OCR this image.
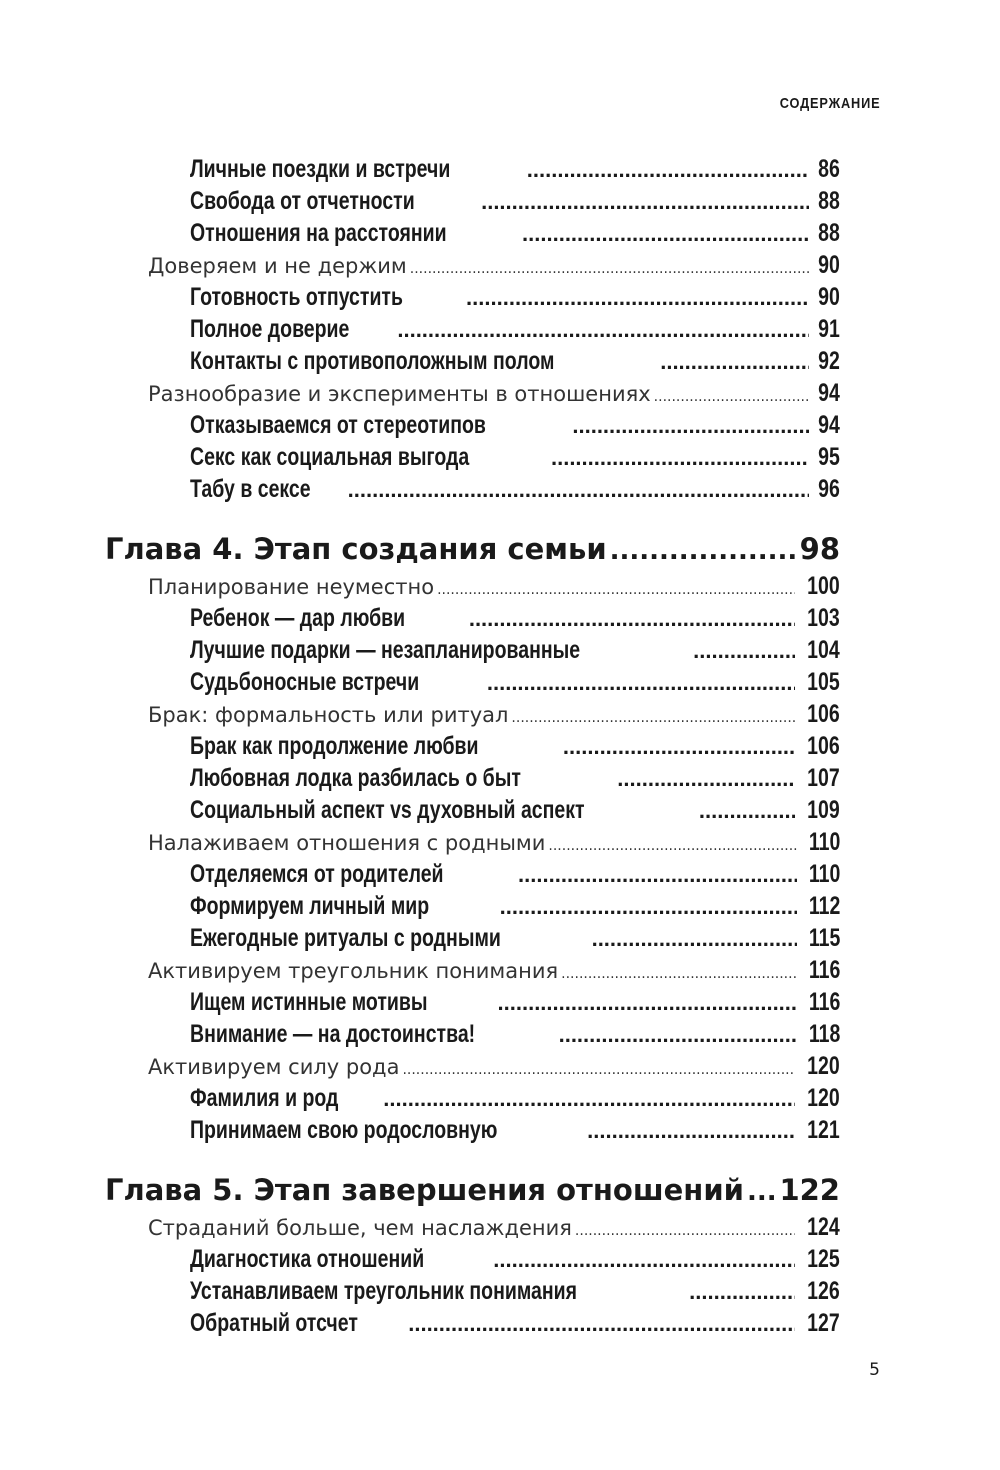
СОДЕРЖАНИЕ
Личные поездки и встречи .....	86
Свобода от отчетности .....	88
Отношения на расстоянии .....	88
Доверяем и не держим .....	90
Готовность отпустить .....	90
Полное доверие .....	91
Контакты с противоположным полом .....	92
Разнообразие и эксперименты в отношениях .....	94
Отказываемся от стереотипов .....	94
Секс как социальная выгода .....	95
Табу в сексе .....	96
Глава 4. Этап создания семьи .....	98
Планирование неуместно .....	100
Ребенок — дар любви .....	103
Лучшие подарки — незапланированные .....	104
Судьбоносные встречи .....	105
Брак: формальность или ритуал .....	106
Брак как продолжение любви .....	106
Любовная лодка разбилась о быт .....	107
Социальный аспект vs духовный аспект .....	109
Налаживаем отношения с родными .....	110
Отделяемся от родителей .....	110
Формируем личный мир .....	112
Ежегодные ритуалы с родными .....	115
Активируем треугольник понимания .....	116
Ищем истинные мотивы .....	116
Внимание — на достоинства! .....	118
Активируем силу рода .....	120
Фамилия и род .....	120
Принимаем свою родословную .....	121
Глава 5. Этап завершения отношений ..... 122
Страданий больше, чем наслаждения .....	124
Диагностика отношений .....	125
Устанавливаем треугольник понимания .....	126
Обратный отсчет .....	127
5
